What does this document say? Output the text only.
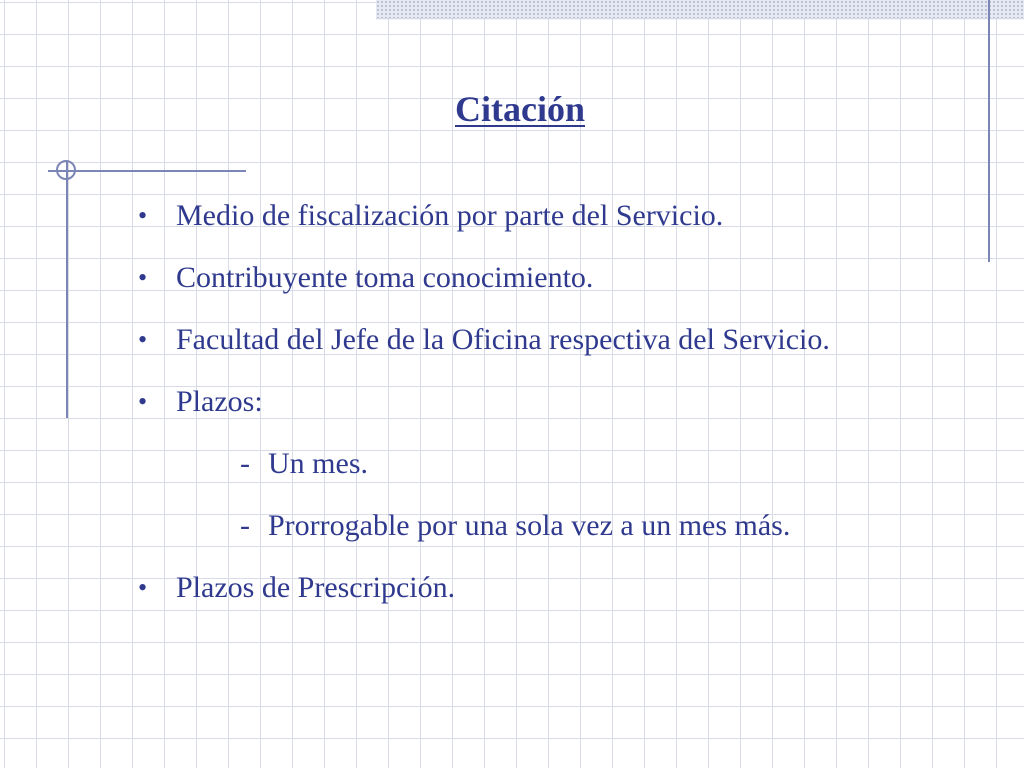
Citación
• Medio de fiscalización por parte del Servicio.
• Contribuyente toma conocimiento.
• Facultad del Jefe de la Oficina respectiva del Servicio.
• Plazos:
- Un mes.
- Prorrogable por una sola vez a un mes más.
• Plazos de Prescripción.
